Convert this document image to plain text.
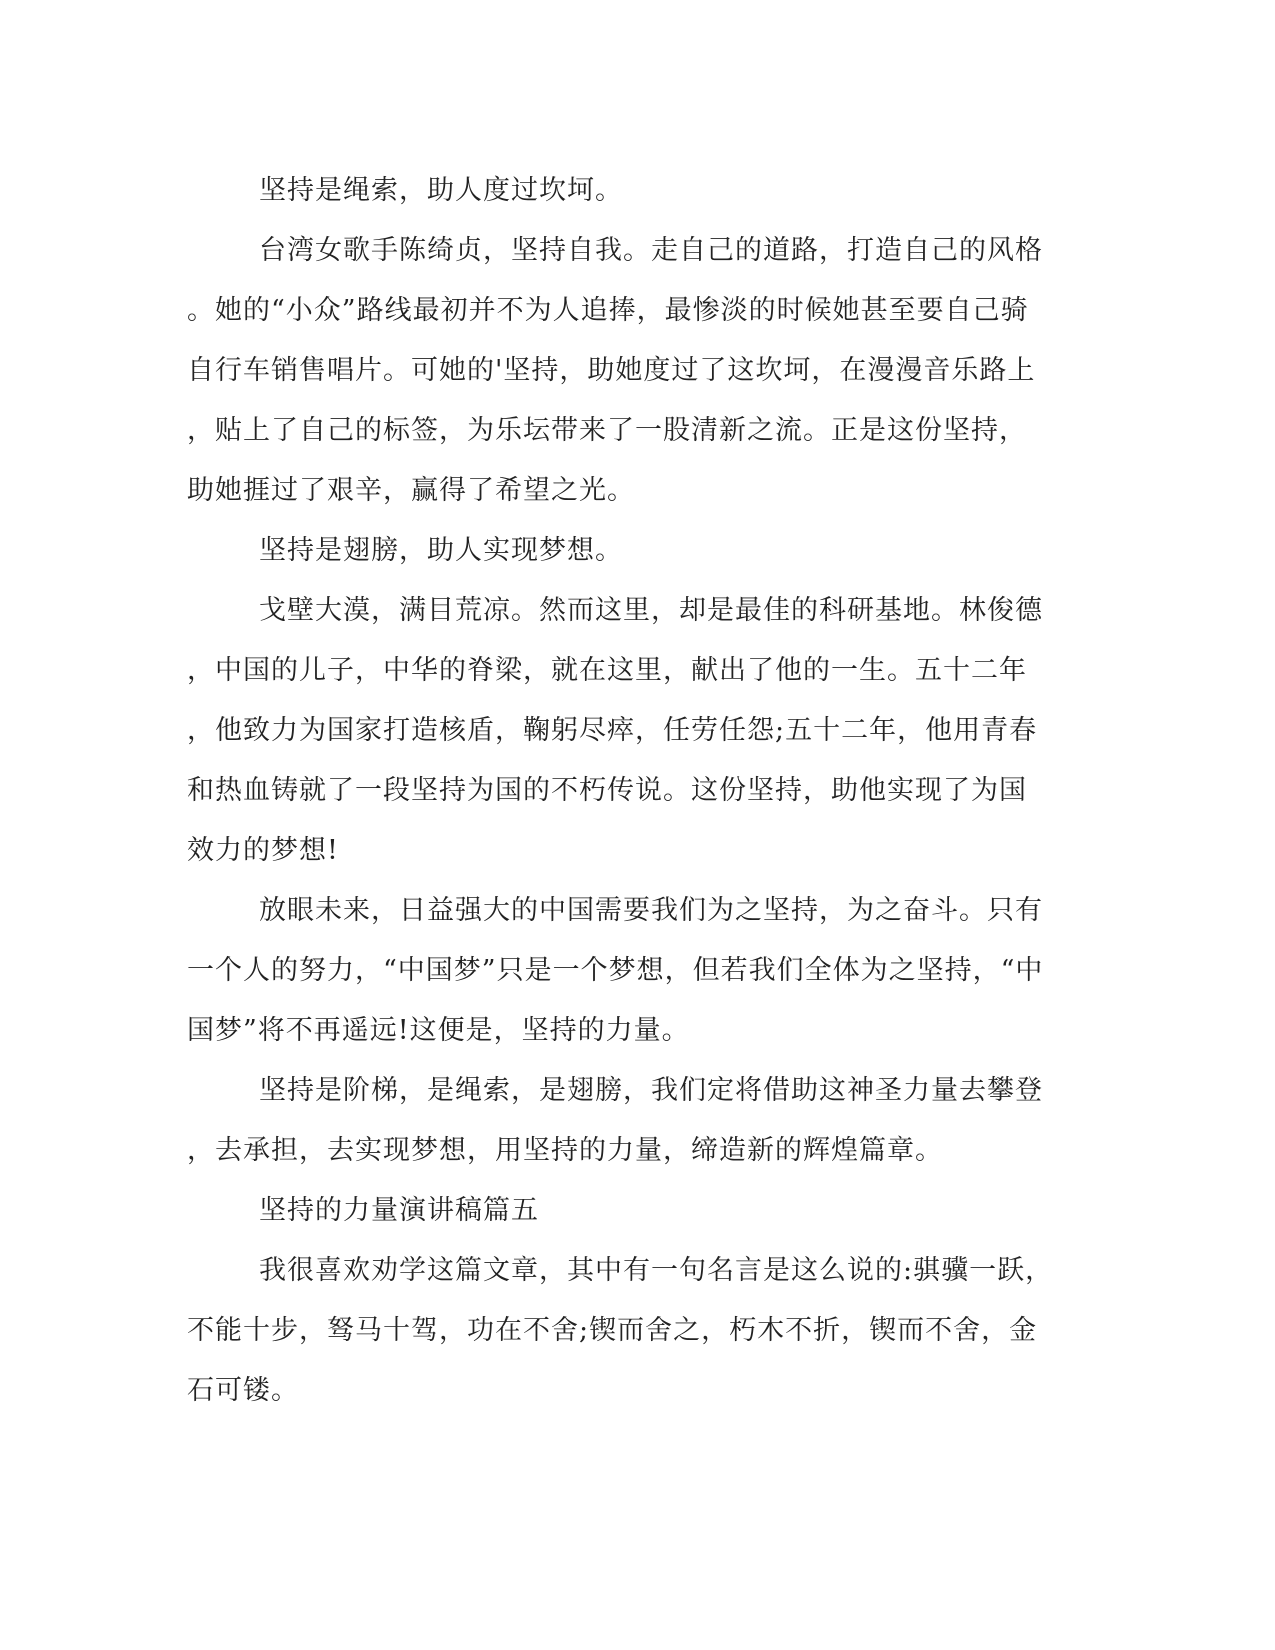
坚持是绳索，助人度过坎坷。
台湾女歌手陈绮贞，坚持自我。走自己的道路，打造自己的风格
。她的“小众”路线最初并不为人追捧，最惨淡的时候她甚至要自己骑
自行车销售唱片。可她的'坚持，助她度过了这坎坷，在漫漫音乐路上
，贴上了自己的标签，为乐坛带来了一股清新之流。正是这份坚持，
助她捱过了艰辛，赢得了希望之光。
坚持是翅膀，助人实现梦想。
戈壁大漠，满目荒凉。然而这里，却是最佳的科研基地。林俊德
，中国的儿子，中华的脊梁，就在这里，献出了他的一生。五十二年
，他致力为国家打造核盾，鞠躬尽瘁，任劳任怨;五十二年，他用青春
和热血铸就了一段坚持为国的不朽传说。这份坚持，助他实现了为国
效力的梦想!
放眼未来，日益强大的中国需要我们为之坚持，为之奋斗。只有
一个人的努力，“中国梦”只是一个梦想，但若我们全体为之坚持，“中
国梦”将不再遥远!这便是，坚持的力量。
坚持是阶梯，是绳索，是翅膀，我们定将借助这神圣力量去攀登
，去承担，去实现梦想，用坚持的力量，缔造新的辉煌篇章。
坚持的力量演讲稿篇五
我很喜欢劝学这篇文章，其中有一句名言是这么说的:骐骥一跃，
不能十步，驽马十驾，功在不舍;锲而舍之，朽木不折，锲而不舍，金
石可镂。
